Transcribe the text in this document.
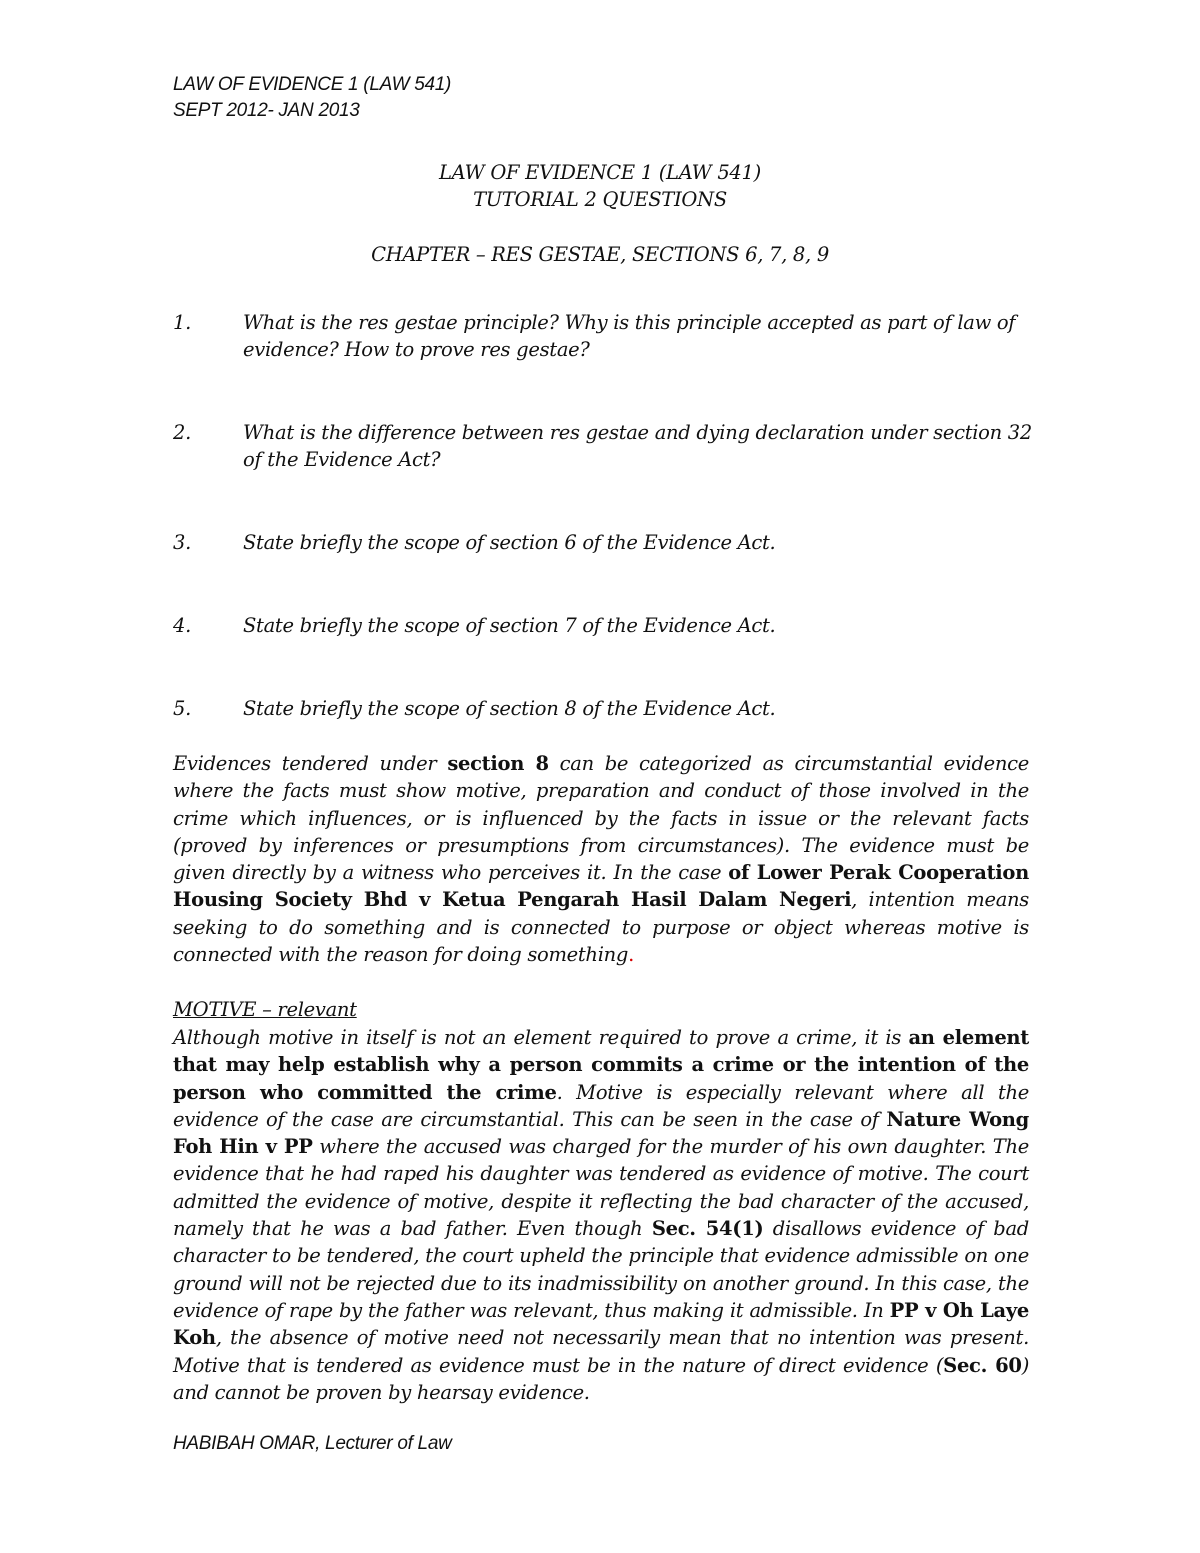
LAW OF EVIDENCE 1 (LAW 541)
SEPT 2012- JAN 2013
LAW OF EVIDENCE 1 (LAW 541)
TUTORIAL 2 QUESTIONS
CHAPTER – RES GESTAE, SECTIONS 6, 7, 8, 9
1.	What is the res gestae principle? Why is this principle accepted as part of law of evidence? How to prove res gestae?
2.	What is the difference between res gestae and dying declaration under section 32 of the Evidence Act?
3.	State briefly the scope of section 6 of the Evidence Act.
4.	State briefly the scope of section 7 of the Evidence Act.
5.	State briefly the scope of section 8 of the Evidence Act.
Evidences tendered under section 8 can be categorized as circumstantial evidence where the facts must show motive, preparation and conduct of those involved in the crime which influences, or is influenced by the facts in issue or the relevant facts (proved by inferences or presumptions from circumstances). The evidence must be given directly by a witness who perceives it. In the case of Lower Perak Cooperation Housing Society Bhd v Ketua Pengarah Hasil Dalam Negeri, intention means seeking to do something and is connected to purpose or object whereas motive is connected with the reason for doing something.
MOTIVE – relevant
Although motive in itself is not an element required to prove a crime, it is an element that may help establish why a person commits a crime or the intention of the person who committed the crime. Motive is especially relevant where all the evidence of the case are circumstantial. This can be seen in the case of Nature Wong Foh Hin v PP where the accused was charged for the murder of his own daughter. The evidence that he had raped his daughter was tendered as evidence of motive. The court admitted the evidence of motive, despite it reflecting the bad character of the accused, namely that he was a bad father. Even though Sec. 54(1) disallows evidence of bad character to be tendered, the court upheld the principle that evidence admissible on one ground will not be rejected due to its inadmissibility on another ground. In this case, the evidence of rape by the father was relevant, thus making it admissible. In PP v Oh Laye Koh, the absence of motive need not necessarily mean that no intention was present. Motive that is tendered as evidence must be in the nature of direct evidence (Sec. 60) and cannot be proven by hearsay evidence.
HABIBAH OMAR, Lecturer of Law
